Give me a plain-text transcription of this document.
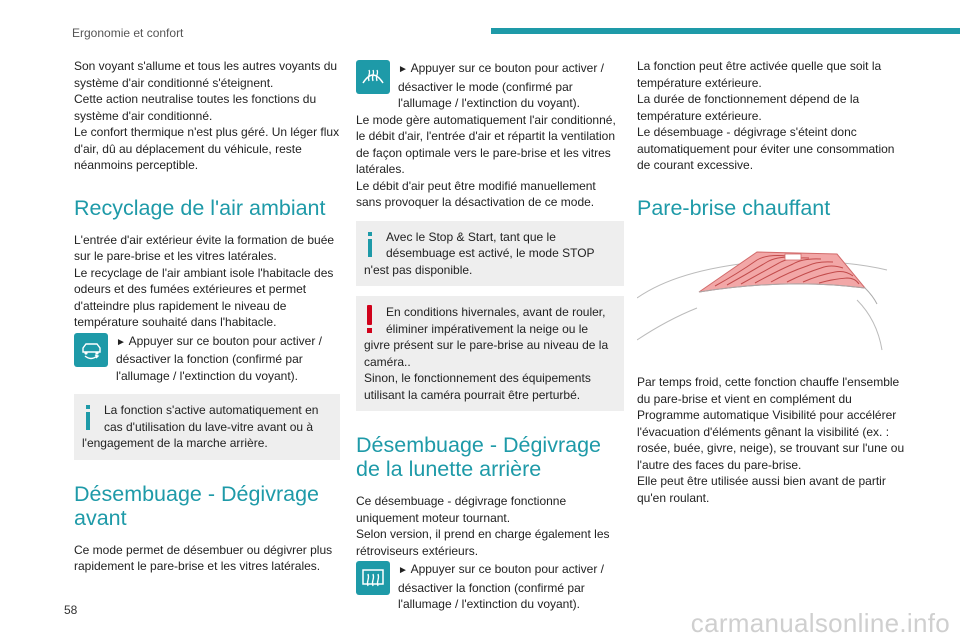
Ergonomie et confort

Son voyant s'allume et tous les autres voyants du système d'air conditionné s'éteignent.

Cette action neutralise toutes les fonctions du système d'air conditionné.

Le confort thermique n'est plus géré. Un léger flux d'air, dû au déplacement du véhicule, reste néanmoins perceptible.

Recyclage de l'air ambiant

L'entrée d'air extérieur évite la formation de buée sur le pare-brise et les vitres latérales.

Le recyclage de l'air ambiant isole l'habitacle des odeurs et des fumées extérieures et permet d'atteindre plus rapidement le niveau de température souhaité dans l'habitacle.

► Appuyer sur ce bouton pour activer / désactiver la fonction (confirmé par l'allumage / l'extinction du voyant).
La fonction s'active automatiquement en cas d'utilisation du lave-vitre avant ou à l'engagement de la marche arrière.
Désembuage - Dégivrage avant

Ce mode permet de désembuer ou dégivrer plus rapidement le pare-brise et les vitres latérales.

► Appuyer sur ce bouton pour activer / désactiver le mode (confirmé par l'allumage / l'extinction du voyant).

Le mode gère automatiquement l'air conditionné, le débit d'air, l'entrée d'air et répartit la ventilation de façon optimale vers le pare-brise et les vitres latérales.

Le débit d'air peut être modifié manuellement sans provoquer la désactivation de ce mode.

Avec le Stop & Start, tant que le désembuage est activé, le mode STOP n'est pas disponible.
En conditions hivernales, avant de rouler, éliminer impérativement la neige ou le givre présent sur le pare-brise au niveau de la caméra..

Sinon, le fonctionnement des équipements utilisant la caméra pourrait être perturbé.

Désembuage - Dégivrage de la lunette arrière

Ce désembuage - dégivrage fonctionne uniquement moteur tournant.

Selon version, il prend en charge également les rétroviseurs extérieurs.

► Appuyer sur ce bouton pour activer / désactiver la fonction (confirmé par l'allumage / l'extinction du voyant).

La fonction peut être activée quelle que soit la température extérieure.

La durée de fonctionnement dépend de la température extérieure.

Le désembuage - dégivrage s'éteint donc automatiquement pour éviter une consommation de courant excessive.

Pare-brise chauffant

Par temps froid, cette fonction chauffe l'ensemble du pare-brise et vient en complément du Programme automatique Visibilité pour accélérer l'évacuation d'éléments gênant la visibilité (ex. : rosée, buée, givre, neige), se trouvant sur l'une ou l'autre des faces du pare-brise.

Elle peut être utilisée aussi bien avant de partir qu'en roulant.

58	carmanualsonline.info
